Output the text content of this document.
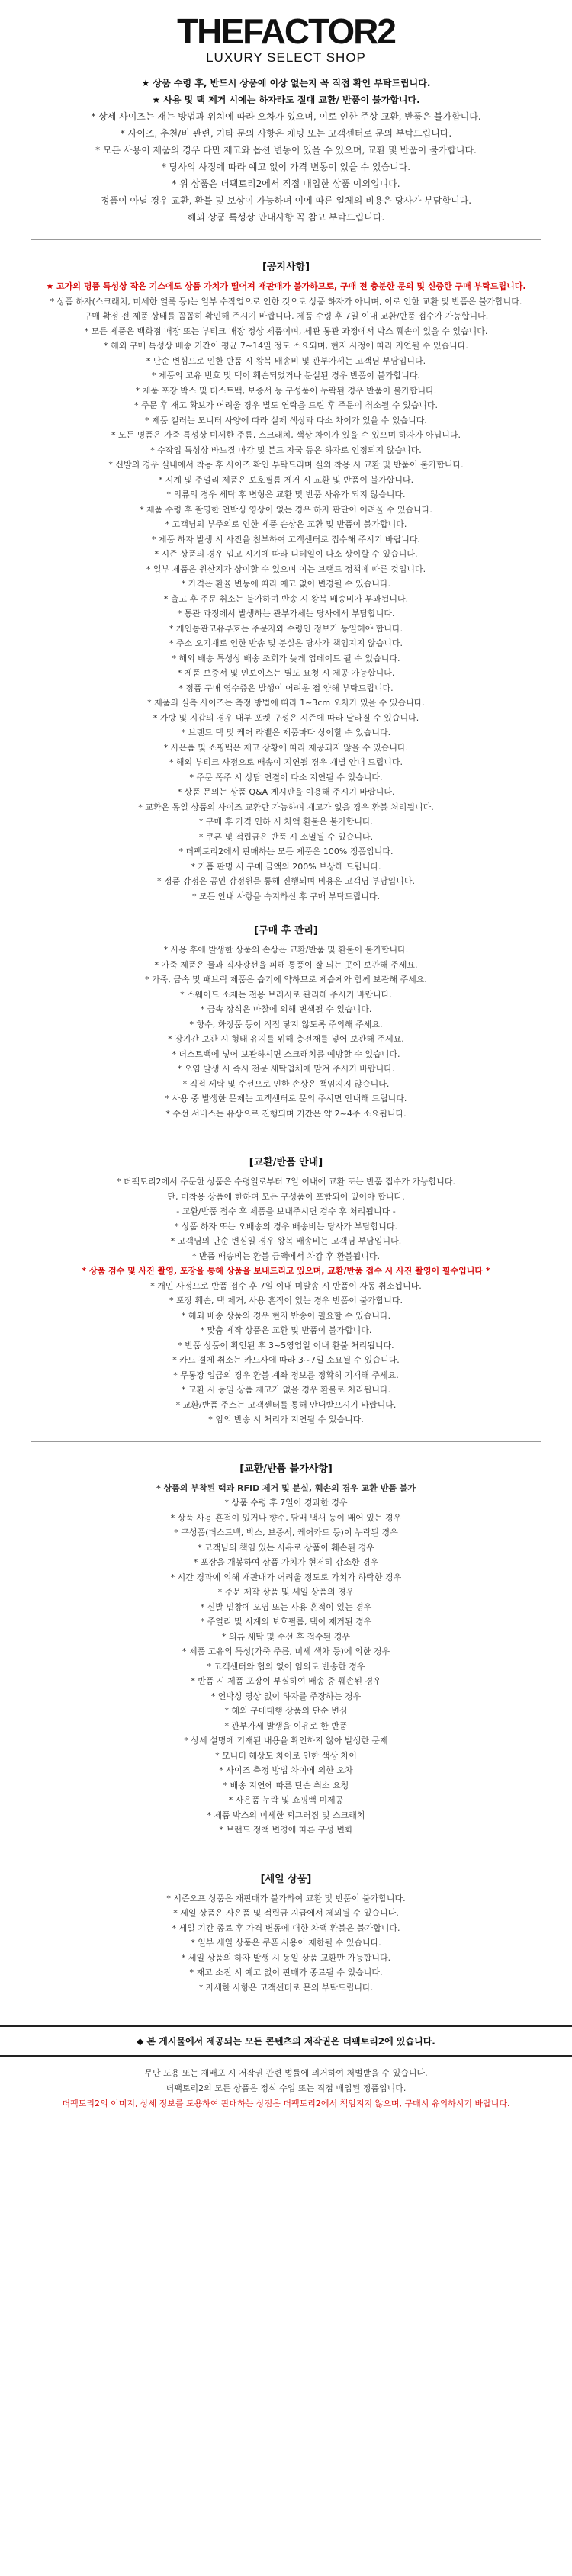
THEFACTOR2
LUXURY SELECT SHOP

★ 상품 수령 후, 반드시 상품에 이상 없는지 꼭 직접 확인 부탁드립니다.

★ 사용 및 택 제거 시에는 하자라도 절대 교환/ 반품이 불가합니다.

* 상세 사이즈는 재는 방법과 위치에 따라 오차가 있으며, 이로 인한 주상 교환, 반품은 불가합니다.

* 사이즈, 추천/비 관련, 기타 문의 사항은 채팅 또는 고객센터로 문의 부탁드립니다.

* 모든 사용이 제품의 경우 다만 재고와 옵션 변동이 있을 수 있으며, 교환 및 반품이 불가합니다.

* 당사의 사정에 따라 예고 없이 가격 변동이 있을 수 있습니다.

* 위 상품은 더팩토리2에서 직접 매입한 상품 이외입니다.

정품이 아닐 경우 교환, 환불 및 보상이 가능하며 이에 따른 일체의 비용은 당사가 부담합니다.

해외 상품 특성상 안내사항 꼭 참고 부탁드립니다.

[공지사항]

★ 고가의 명품 특성상 작은 기스에도 상품 가치가 떨어져 재판매가 불가하므로, 구매 전 충분한 문의 및 신중한 구매 부탁드립니다.

* 상품 하자(스크래치, 미세한 얼룩 등)는 일부 수작업으로 인한 것으로 상품 하자가 아니며, 이로 인한 교환 및 반품은 불가합니다.

구매 확정 전 제품 상태를 꼼꼼히 확인해 주시기 바랍니다. 제품 수령 후 7일 이내 교환/반품 접수가 가능합니다.

* 모든 제품은 백화점 매장 또는 부티크 매장 정상 제품이며, 세관 통관 과정에서 박스 훼손이 있을 수 있습니다.

* 해외 구매 특성상 배송 기간이 평균 7~14일 정도 소요되며, 현지 사정에 따라 지연될 수 있습니다.

* 단순 변심으로 인한 반품 시 왕복 배송비 및 관부가세는 고객님 부담입니다.

* 제품의 고유 번호 및 택이 훼손되었거나 분실된 경우 반품이 불가합니다.

* 제품 포장 박스 및 더스트백, 보증서 등 구성품이 누락된 경우 반품이 불가합니다.

* 주문 후 재고 확보가 어려울 경우 별도 연락을 드린 후 주문이 취소될 수 있습니다.

* 제품 컬러는 모니터 사양에 따라 실제 색상과 다소 차이가 있을 수 있습니다.

* 모든 명품은 가죽 특성상 미세한 주름, 스크래치, 색상 차이가 있을 수 있으며 하자가 아닙니다.

* 수작업 특성상 바느질 마감 및 본드 자국 등은 하자로 인정되지 않습니다.

* 신발의 경우 실내에서 착용 후 사이즈 확인 부탁드리며 실외 착용 시 교환 및 반품이 불가합니다.

* 시계 및 주얼리 제품은 보호필름 제거 시 교환 및 반품이 불가합니다.

* 의류의 경우 세탁 후 변형은 교환 및 반품 사유가 되지 않습니다.

* 제품 수령 후 촬영한 언박싱 영상이 없는 경우 하자 판단이 어려울 수 있습니다.

* 고객님의 부주의로 인한 제품 손상은 교환 및 반품이 불가합니다.

* 제품 하자 발생 시 사진을 첨부하여 고객센터로 접수해 주시기 바랍니다.

* 시즌 상품의 경우 입고 시기에 따라 디테일이 다소 상이할 수 있습니다.

* 일부 제품은 원산지가 상이할 수 있으며 이는 브랜드 정책에 따른 것입니다.

* 가격은 환율 변동에 따라 예고 없이 변경될 수 있습니다.

* 출고 후 주문 취소는 불가하며 반송 시 왕복 배송비가 부과됩니다.

* 통관 과정에서 발생하는 관부가세는 당사에서 부담합니다.

* 개인통관고유부호는 주문자와 수령인 정보가 동일해야 합니다.

* 주소 오기재로 인한 반송 및 분실은 당사가 책임지지 않습니다.

* 해외 배송 특성상 배송 조회가 늦게 업데이트 될 수 있습니다.

* 제품 보증서 및 인보이스는 별도 요청 시 제공 가능합니다.

* 정품 구매 영수증은 발행이 어려운 점 양해 부탁드립니다.

* 제품의 실측 사이즈는 측정 방법에 따라 1~3cm 오차가 있을 수 있습니다.

* 가방 및 지갑의 경우 내부 포켓 구성은 시즌에 따라 달라질 수 있습니다.

* 브랜드 택 및 케어 라벨은 제품마다 상이할 수 있습니다.

* 사은품 및 쇼핑백은 재고 상황에 따라 제공되지 않을 수 있습니다.

* 해외 부티크 사정으로 배송이 지연될 경우 개별 안내 드립니다.

* 주문 폭주 시 상담 연결이 다소 지연될 수 있습니다.

* 상품 문의는 상품 Q&A 게시판을 이용해 주시기 바랍니다.

* 교환은 동일 상품의 사이즈 교환만 가능하며 재고가 없을 경우 환불 처리됩니다.

* 구매 후 가격 인하 시 차액 환불은 불가합니다.

* 쿠폰 및 적립금은 반품 시 소멸될 수 있습니다.

* 더팩토리2에서 판매하는 모든 제품은 100% 정품입니다.

* 가품 판명 시 구매 금액의 200% 보상해 드립니다.

* 정품 감정은 공인 감정원을 통해 진행되며 비용은 고객님 부담입니다.

* 모든 안내 사항을 숙지하신 후 구매 부탁드립니다.

[구매 후 관리]

* 사용 후에 발생한 상품의 손상은 교환/반품 및 환불이 불가합니다.

* 가죽 제품은 물과 직사광선을 피해 통풍이 잘 되는 곳에 보관해 주세요.

* 가죽, 금속 및 패브릭 제품은 습기에 약하므로 제습제와 함께 보관해 주세요.

* 스웨이드 소재는 전용 브러시로 관리해 주시기 바랍니다.

* 금속 장식은 마찰에 의해 변색될 수 있습니다.

* 향수, 화장품 등이 직접 닿지 않도록 주의해 주세요.

* 장기간 보관 시 형태 유지를 위해 충전재를 넣어 보관해 주세요.

* 더스트백에 넣어 보관하시면 스크래치를 예방할 수 있습니다.

* 오염 발생 시 즉시 전문 세탁업체에 맡겨 주시기 바랍니다.

* 직접 세탁 및 수선으로 인한 손상은 책임지지 않습니다.

* 사용 중 발생한 문제는 고객센터로 문의 주시면 안내해 드립니다.

* 수선 서비스는 유상으로 진행되며 기간은 약 2~4주 소요됩니다.

[교환/반품 안내]

* 더팩토리2에서 주문한 상품은 수령일로부터 7일 이내에 교환 또는 반품 접수가 가능합니다.

단, 미착용 상품에 한하며 모든 구성품이 포함되어 있어야 합니다.

- 교환/반품 접수 후 제품을 보내주시면 검수 후 처리됩니다 -

* 상품 하자 또는 오배송의 경우 배송비는 당사가 부담합니다.

* 고객님의 단순 변심일 경우 왕복 배송비는 고객님 부담입니다.

* 반품 배송비는 환불 금액에서 차감 후 환불됩니다.

* 상품 검수 및 사진 촬영, 포장을 통해 상품을 보내드리고 있으며, 교환/반품 접수 시 사진 촬영이 필수입니다 *

* 개인 사정으로 반품 접수 후 7일 이내 미발송 시 반품이 자동 취소됩니다.

* 포장 훼손, 택 제거, 사용 흔적이 있는 경우 반품이 불가합니다.

* 해외 배송 상품의 경우 현지 반송이 필요할 수 있습니다.

* 맞춤 제작 상품은 교환 및 반품이 불가합니다.

* 반품 상품이 확인된 후 3~5영업일 이내 환불 처리됩니다.

* 카드 결제 취소는 카드사에 따라 3~7일 소요될 수 있습니다.

* 무통장 입금의 경우 환불 계좌 정보를 정확히 기재해 주세요.

* 교환 시 동일 상품 재고가 없을 경우 환불로 처리됩니다.

* 교환/반품 주소는 고객센터를 통해 안내받으시기 바랍니다.

* 임의 반송 시 처리가 지연될 수 있습니다.

[교환/반품 불가사항]

* 상품의 부착된 택과 RFID 제거 및 분실, 훼손의 경우 교환 반품 불가

* 상품 수령 후 7일이 경과한 경우

* 상품 사용 흔적이 있거나 향수, 담배 냄새 등이 배어 있는 경우

* 구성품(더스트백, 박스, 보증서, 케어카드 등)이 누락된 경우

* 고객님의 책임 있는 사유로 상품이 훼손된 경우

* 포장을 개봉하여 상품 가치가 현저히 감소한 경우

* 시간 경과에 의해 재판매가 어려울 정도로 가치가 하락한 경우

* 주문 제작 상품 및 세일 상품의 경우

* 신발 밑창에 오염 또는 사용 흔적이 있는 경우

* 주얼리 및 시계의 보호필름, 택이 제거된 경우

* 의류 세탁 및 수선 후 접수된 경우

* 제품 고유의 특성(가죽 주름, 미세 색차 등)에 의한 경우

* 고객센터와 협의 없이 임의로 반송한 경우

* 반품 시 제품 포장이 부실하여 배송 중 훼손된 경우

* 언박싱 영상 없이 하자를 주장하는 경우

* 해외 구매대행 상품의 단순 변심

* 관부가세 발생을 이유로 한 반품

* 상세 설명에 기재된 내용을 확인하지 않아 발생한 문제

* 모니터 해상도 차이로 인한 색상 차이

* 사이즈 측정 방법 차이에 의한 오차

* 배송 지연에 따른 단순 취소 요청

* 사은품 누락 및 쇼핑백 미제공

* 제품 박스의 미세한 찌그러짐 및 스크래치

* 브랜드 정책 변경에 따른 구성 변화

[세일 상품]

* 시즌오프 상품은 재판매가 불가하여 교환 및 반품이 불가합니다.

* 세일 상품은 사은품 및 적립금 지급에서 제외될 수 있습니다.

* 세일 기간 종료 후 가격 변동에 대한 차액 환불은 불가합니다.

* 일부 세일 상품은 쿠폰 사용이 제한될 수 있습니다.

* 세일 상품의 하자 발생 시 동일 상품 교환만 가능합니다.

* 재고 소진 시 예고 없이 판매가 종료될 수 있습니다.

* 자세한 사항은 고객센터로 문의 부탁드립니다.

◆ 본 게시물에서 제공되는 모든 콘텐츠의 저작권은 더팩토리2에 있습니다.

무단 도용 또는 재배포 시 저작권 관련 법률에 의거하여 처벌받을 수 있습니다.

더팩토리2의 모든 상품은 정식 수입 또는 직접 매입된 정품입니다.

더팩토리2의 이미지, 상세 정보를 도용하여 판매하는 상점은 더팩토리2에서 책임지지 않으며, 구매시 유의하시기 바랍니다.
